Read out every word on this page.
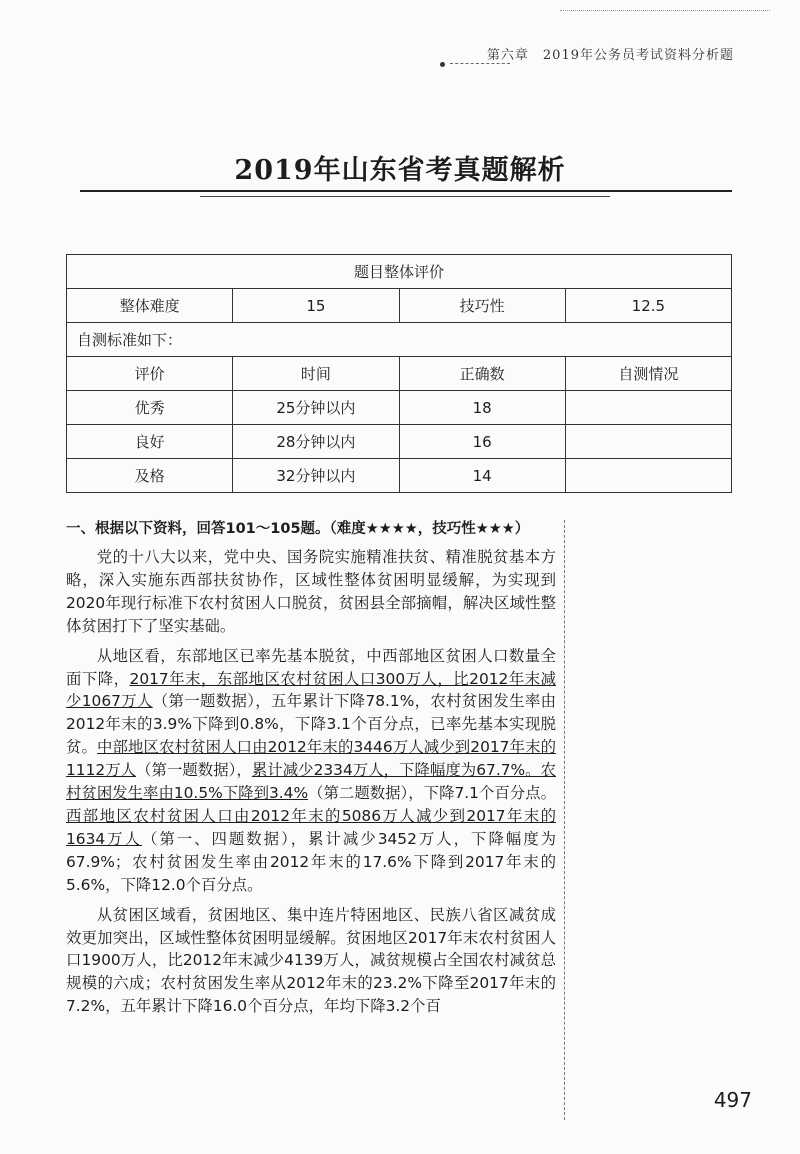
第六章　2019年公务员考试资料分析题
2019年山东省考真题解析
题目整体评价			
整体难度	15	技巧性	12.5
自测标准如下：			
评价	时间	正确数	自测情况
优秀	25分钟以内	18	
良好	28分钟以内	16	
及格	32分钟以内	14	
一、根据以下资料，回答101～105题。（难度★★★★，技巧性★★★）

党的十八大以来，党中央、国务院实施精准扶贫、精准脱贫基本方略，深入实施东西部扶贫协作，区域性整体贫困明显缓解，为实现到2020年现行标准下农村贫困人口脱贫，贫困县全部摘帽，解决区域性整体贫困打下了坚实基础。

从地区看，东部地区已率先基本脱贫，中西部地区贫困人口数量全面下降，2017年末，东部地区农村贫困人口300万人，比2012年末减少1067万人（第一题数据），五年累计下降78.1%，农村贫困发生率由2012年末的3.9%下降到0.8%，下降3.1个百分点，已率先基本实现脱贫。中部地区农村贫困人口由2012年末的3446万人减少到2017年末的1112万人（第一题数据），累计减少2334万人，下降幅度为67.7%。农村贫困发生率由10.5%下降到3.4%（第二题数据），下降7.1个百分点。西部地区农村贫困人口由2012年末的5086万人减少到2017年末的1634万人（第一、四题数据），累计减少3452万人，下降幅度为67.9%；农村贫困发生率由2012年末的17.6%下降到2017年末的5.6%，下降12.0个百分点。

从贫困区域看，贫困地区、集中连片特困地区、民族八省区减贫成效更加突出，区域性整体贫困明显缓解。贫困地区2017年末农村贫困人口1900万人，比2012年末减少4139万人，减贫规模占全国农村减贫总规模的六成；农村贫困发生率从2012年末的23.2%下降至2017年末的7.2%，五年累计下降16.0个百分点，年均下降3.2个百

497
